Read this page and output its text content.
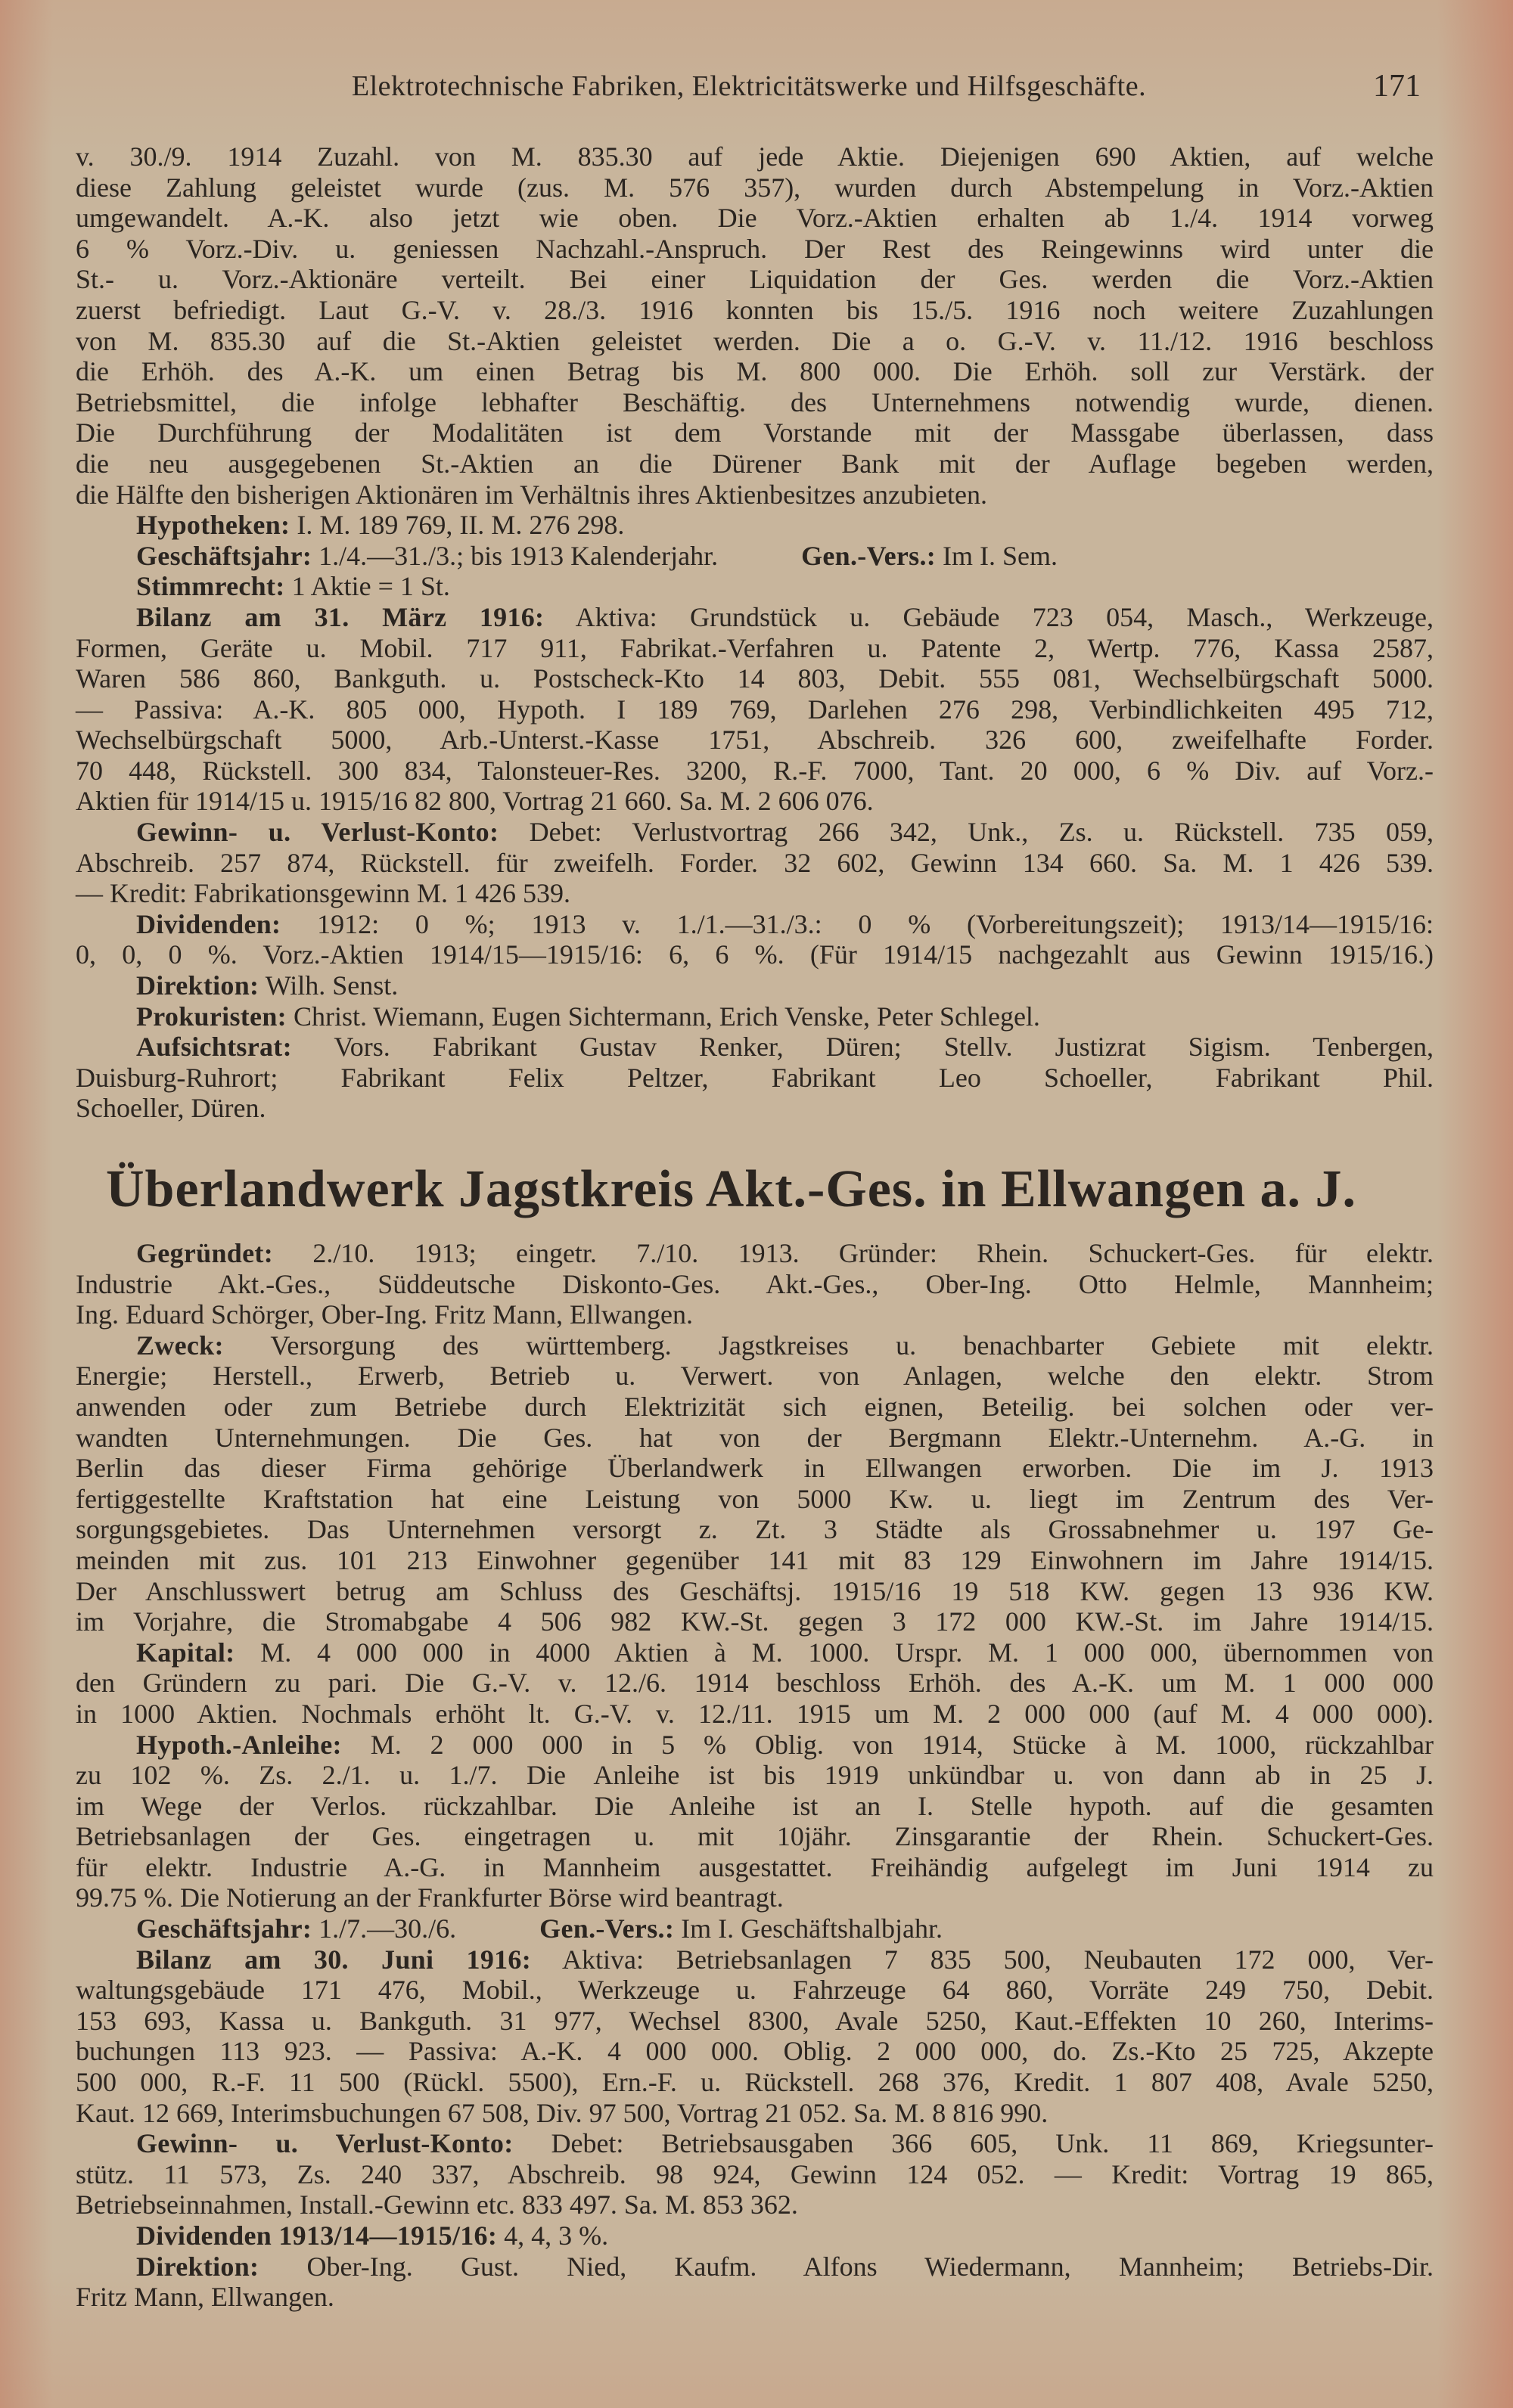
Elektrotechnische Fabriken, Elektricitätswerke und Hilfsgeschäfte.	171
v. 30./9. 1914 Zuzahl. von M. 835.30 auf jede Aktie. Diejenigen 690 Aktien, auf welche
diese Zahlung geleistet wurde (zus. M. 576 357), wurden durch Abstempelung in Vorz.-Aktien
umgewandelt. A.-K. also jetzt wie oben. Die Vorz.-Aktien erhalten ab 1./4. 1914 vorweg
6 % Vorz.-Div. u. geniessen Nachzahl.-Anspruch. Der Rest des Reingewinns wird unter die
St.- u. Vorz.-Aktionäre verteilt. Bei einer Liquidation der Ges. werden die Vorz.-Aktien
zuerst befriedigt. Laut G.-V. v. 28./3. 1916 konnten bis 15./5. 1916 noch weitere Zuzahlungen
von M. 835.30 auf die St.-Aktien geleistet werden. Die a o. G.-V. v. 11./12. 1916 beschloss
die Erhöh. des A.-K. um einen Betrag bis M. 800 000. Die Erhöh. soll zur Verstärk. der
Betriebsmittel, die infolge lebhafter Beschäftig. des Unternehmens notwendig wurde, dienen.
Die Durchführung der Modalitäten ist dem Vorstande mit der Massgabe überlassen, dass
die neu ausgegebenen St.-Aktien an die Dürener Bank mit der Auflage begeben werden,
die Hälfte den bisherigen Aktionären im Verhältnis ihres Aktienbesitzes anzubieten.
Hypotheken: I. M. 189 769, II. M. 276 298.
Geschäftsjahr: 1./4.—31./3.; bis 1913 Kalenderjahr.	Gen.-Vers.: Im I. Sem.
Stimmrecht: 1 Aktie = 1 St.
Bilanz am 31. März 1916: Aktiva: Grundstück u. Gebäude 723 054, Masch., Werkzeuge,
Formen, Geräte u. Mobil. 717 911, Fabrikat.-Verfahren u. Patente 2, Wertp. 776, Kassa 2587,
Waren 586 860, Bankguth. u. Postscheck-Kto 14 803, Debit. 555 081, Wechselbürgschaft 5000.
— Passiva: A.-K. 805 000, Hypoth. I 189 769, Darlehen 276 298, Verbindlichkeiten 495 712,
Wechselbürgschaft 5000, Arb.-Unterst.-Kasse 1751, Abschreib. 326 600, zweifelhafte Forder.
70 448, Rückstell. 300 834, Talonsteuer-Res. 3200, R.-F. 7000, Tant. 20 000, 6 % Div. auf Vorz.-
Aktien für 1914/15 u. 1915/16 82 800, Vortrag 21 660. Sa. M. 2 606 076.
Gewinn- u. Verlust-Konto: Debet: Verlustvortrag 266 342, Unk., Zs. u. Rückstell. 735 059,
Abschreib. 257 874, Rückstell. für zweifelh. Forder. 32 602, Gewinn 134 660. Sa. M. 1 426 539.
— Kredit: Fabrikationsgewinn M. 1 426 539.
Dividenden: 1912: 0 %; 1913 v. 1./1.—31./3.: 0 % (Vorbereitungszeit); 1913/14—1915/16:
0, 0, 0 %. Vorz.-Aktien 1914/15—1915/16: 6, 6 %. (Für 1914/15 nachgezahlt aus Gewinn 1915/16.)
Direktion: Wilh. Senst.
Prokuristen: Christ. Wiemann, Eugen Sichtermann, Erich Venske, Peter Schlegel.
Aufsichtsrat: Vors. Fabrikant Gustav Renker, Düren; Stellv. Justizrat Sigism. Tenbergen,
Duisburg-Ruhrort; Fabrikant Felix Peltzer, Fabrikant Leo Schoeller, Fabrikant Phil.
Schoeller, Düren.
Überlandwerk Jagstkreis Akt.-Ges. in Ellwangen a. J.
Gegründet: 2./10. 1913; eingetr. 7./10. 1913. Gründer: Rhein. Schuckert-Ges. für elektr.
Industrie Akt.-Ges., Süddeutsche Diskonto-Ges. Akt.-Ges., Ober-Ing. Otto Helmle, Mannheim;
Ing. Eduard Schörger, Ober-Ing. Fritz Mann, Ellwangen.
Zweck: Versorgung des württemberg. Jagstkreises u. benachbarter Gebiete mit elektr.
Energie; Herstell., Erwerb, Betrieb u. Verwert. von Anlagen, welche den elektr. Strom
anwenden oder zum Betriebe durch Elektrizität sich eignen, Beteilig. bei solchen oder ver-
wandten Unternehmungen. Die Ges. hat von der Bergmann Elektr.-Unternehm. A.-G. in
Berlin das dieser Firma gehörige Überlandwerk in Ellwangen erworben. Die im J. 1913
fertiggestellte Kraftstation hat eine Leistung von 5000 Kw. u. liegt im Zentrum des Ver-
sorgungsgebietes. Das Unternehmen versorgt z. Zt. 3 Städte als Grossabnehmer u. 197 Ge-
meinden mit zus. 101 213 Einwohner gegenüber 141 mit 83 129 Einwohnern im Jahre 1914/15.
Der Anschlusswert betrug am Schluss des Geschäftsj. 1915/16 19 518 KW. gegen 13 936 KW.
im Vorjahre, die Stromabgabe 4 506 982 KW.-St. gegen 3 172 000 KW.-St. im Jahre 1914/15.
Kapital: M. 4 000 000 in 4000 Aktien à M. 1000. Urspr. M. 1 000 000, übernommen von
den Gründern zu pari. Die G.-V. v. 12./6. 1914 beschloss Erhöh. des A.-K. um M. 1 000 000
in 1000 Aktien. Nochmals erhöht lt. G.-V. v. 12./11. 1915 um M. 2 000 000 (auf M. 4 000 000).
Hypoth.-Anleihe: M. 2 000 000 in 5 % Oblig. von 1914, Stücke à M. 1000, rückzahlbar
zu 102 %. Zs. 2./1. u. 1./7. Die Anleihe ist bis 1919 unkündbar u. von dann ab in 25 J.
im Wege der Verlos. rückzahlbar. Die Anleihe ist an I. Stelle hypoth. auf die gesamten
Betriebsanlagen der Ges. eingetragen u. mit 10jähr. Zinsgarantie der Rhein. Schuckert-Ges.
für elektr. Industrie A.-G. in Mannheim ausgestattet. Freihändig aufgelegt im Juni 1914 zu
99.75 %. Die Notierung an der Frankfurter Börse wird beantragt.
Geschäftsjahr: 1./7.—30./6.	Gen.-Vers.: Im I. Geschäftshalbjahr.
Bilanz am 30. Juni 1916: Aktiva: Betriebsanlagen 7 835 500, Neubauten 172 000, Ver-
waltungsgebäude 171 476, Mobil., Werkzeuge u. Fahrzeuge 64 860, Vorräte 249 750, Debit.
153 693, Kassa u. Bankguth. 31 977, Wechsel 8300, Avale 5250, Kaut.-Effekten 10 260, Interims-
buchungen 113 923. — Passiva: A.-K. 4 000 000. Oblig. 2 000 000, do. Zs.-Kto 25 725, Akzepte
500 000, R.-F. 11 500 (Rückl. 5500), Ern.-F. u. Rückstell. 268 376, Kredit. 1 807 408, Avale 5250,
Kaut. 12 669, Interimsbuchungen 67 508, Div. 97 500, Vortrag 21 052. Sa. M. 8 816 990.
Gewinn- u. Verlust-Konto: Debet: Betriebsausgaben 366 605, Unk. 11 869, Kriegsunter-
stütz. 11 573, Zs. 240 337, Abschreib. 98 924, Gewinn 124 052. — Kredit: Vortrag 19 865,
Betriebseinnahmen, Install.-Gewinn etc. 833 497. Sa. M. 853 362.
Dividenden 1913/14—1915/16: 4, 4, 3 %.
Direktion: Ober-Ing. Gust. Nied, Kaufm. Alfons Wiedermann, Mannheim; Betriebs-Dir.
Fritz Mann, Ellwangen.
